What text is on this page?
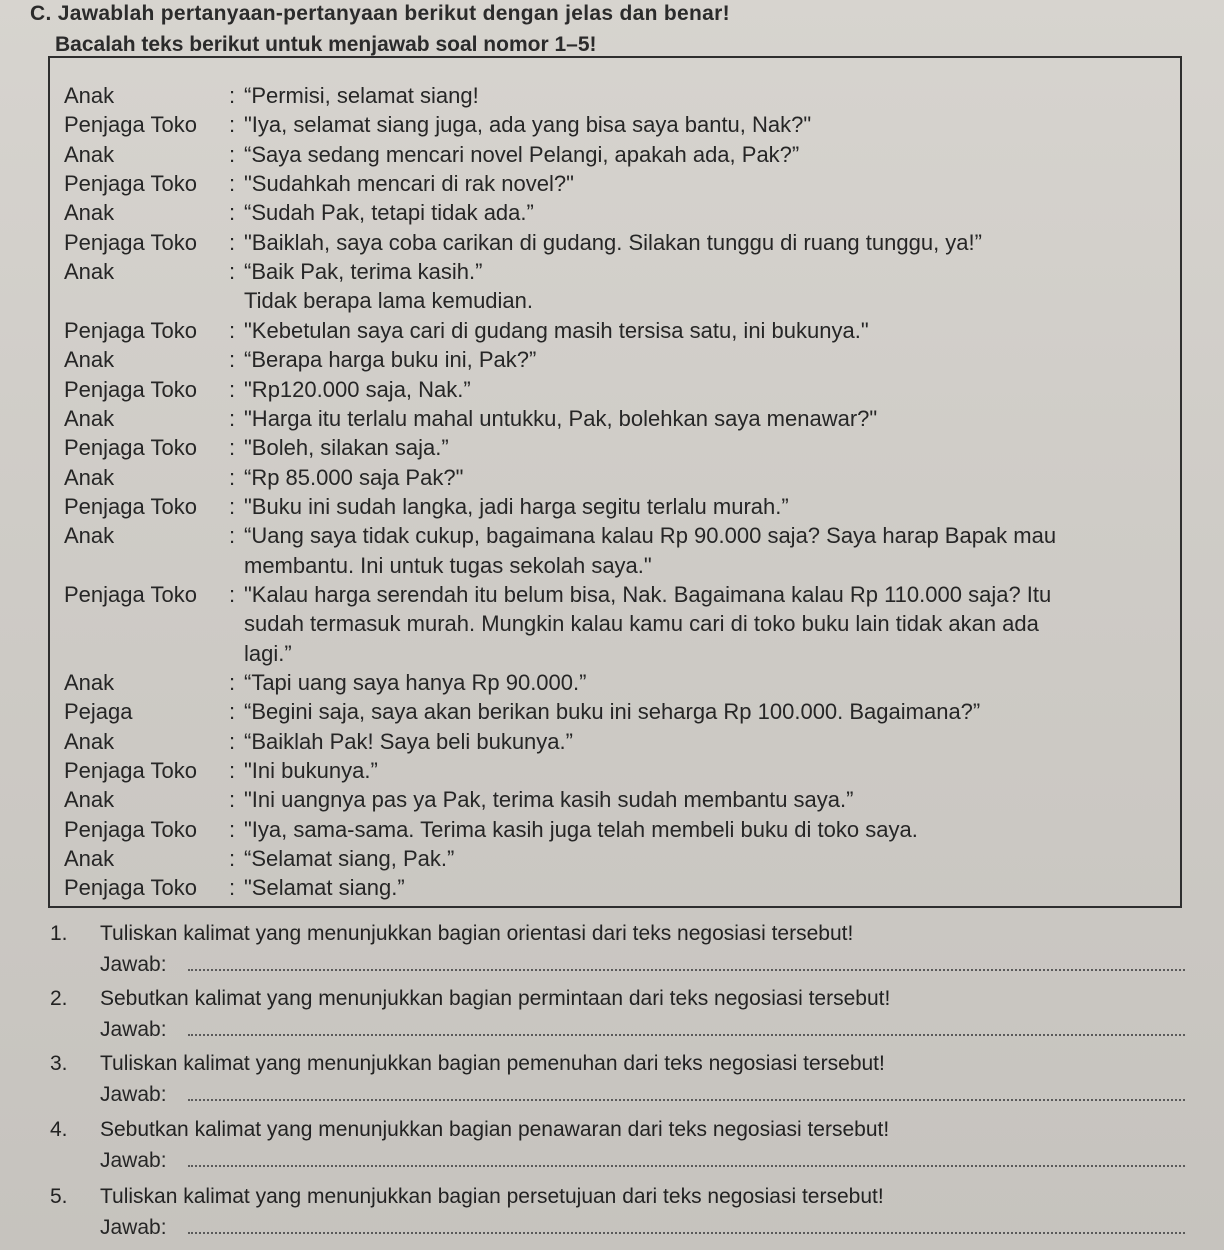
C. Jawablah pertanyaan-pertanyaan berikut dengan jelas dan benar!

Bacalah teks berikut untuk menjawab soal nomor 1–5!

Anak	: “Permisi, selamat siang!
Penjaga Toko : "Iya, selamat siang juga, ada yang bisa saya bantu, Nak?"
Anak	: “Saya sedang mencari novel Pelangi, apakah ada, Pak?”
Penjaga Toko : "Sudahkah mencari di rak novel?"
Anak	: “Sudah Pak, tetapi tidak ada.”
Penjaga Toko : "Baiklah, saya coba carikan di gudang. Silakan tunggu di ruang tunggu, ya!”
Anak	: “Baik Pak, terima kasih.”
Tidak berapa lama kemudian.
Penjaga Toko : "Kebetulan saya cari di gudang masih tersisa satu, ini bukunya."
Anak	: “Berapa harga buku ini, Pak?”
Penjaga Toko : "Rp120.000 saja, Nak.”
Anak	: "Harga itu terlalu mahal untukku, Pak, bolehkan saya menawar?"
Penjaga Toko : "Boleh, silakan saja.”
Anak	: “Rp 85.000 saja Pak?"
Penjaga Toko : "Buku ini sudah langka, jadi harga segitu terlalu murah.”
Anak	: “Uang saya tidak cukup, bagaimana kalau Rp 90.000 saja? Saya harap Bapak mau
membantu. Ini untuk tugas sekolah saya."
Penjaga Toko : "Kalau harga serendah itu belum bisa, Nak. Bagaimana kalau Rp 110.000 saja? Itu
sudah termasuk murah. Mungkin kalau kamu cari di toko buku lain tidak akan ada
lagi.”
Anak	: “Tapi uang saya hanya Rp 90.000.”
Pejaga	: “Begini saja, saya akan berikan buku ini seharga Rp 100.000. Bagaimana?”
Anak	: “Baiklah Pak! Saya beli bukunya.”
Penjaga Toko : "Ini bukunya.”
Anak	: "Ini uangnya pas ya Pak, terima kasih sudah membantu saya.”
Penjaga Toko : "Iya, sama-sama. Terima kasih juga telah membeli buku di toko saya.
Anak	: “Selamat siang, Pak.”
Penjaga Toko : "Selamat siang.”
1. Tuliskan kalimat yang menunjukkan bagian orientasi dari teks negosiasi tersebut!
Jawab:
2. Sebutkan kalimat yang menunjukkan bagian permintaan dari teks negosiasi tersebut!
Jawab:
3. Tuliskan kalimat yang menunjukkan bagian pemenuhan dari teks negosiasi tersebut!
Jawab:
4. Sebutkan kalimat yang menunjukkan bagian penawaran dari teks negosiasi tersebut!
Jawab:
5. Tuliskan kalimat yang menunjukkan bagian persetujuan dari teks negosiasi tersebut!
Jawab:
